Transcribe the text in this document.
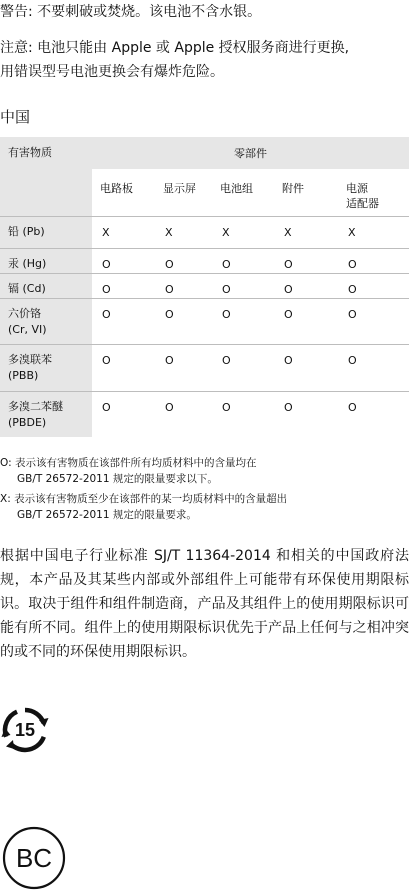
警告: 不要刺破或焚烧。该电池不含水银。

注意: 电池只能由 Apple 或 Apple 授权服务商进行更换,
用错误型号电池更换会有爆炸危险。

中国

有害物质	零部件				
	电路板	显示屏	电池组	附件	电源
适配器
铅 (Pb)	X	X	X	X	X
汞 (Hg)	O	O	O	O	O
镉 (Cd)	O	O	O	O	O
六价铬
(Cr, VI)	O	O	O	O	O
多溴联苯
(PBB)	O	O	O	O	O
多溴二苯醚
(PBDE)	O	O	O	O	O
O: 表示该有害物质在该部件所有均质材料中的含量均在
GB/T 26572-2011 规定的限量要求以下。
X: 表示该有害物质至少在该部件的某一均质材料中的含量超出
GB/T 26572-2011 规定的限量要求。

根据中国电子行业标准 SJ/T 11364-2014 和相关的中国政府法规，本产品及其某些内部或外部组件上可能带有环保使用期限标识。取决于组件和组件制造商，产品及其组件上的使用期限标识可能有所不同。组件上的使用期限标识优先于产品上任何与之相冲突的或不同的环保使用期限标识。

15
BC
